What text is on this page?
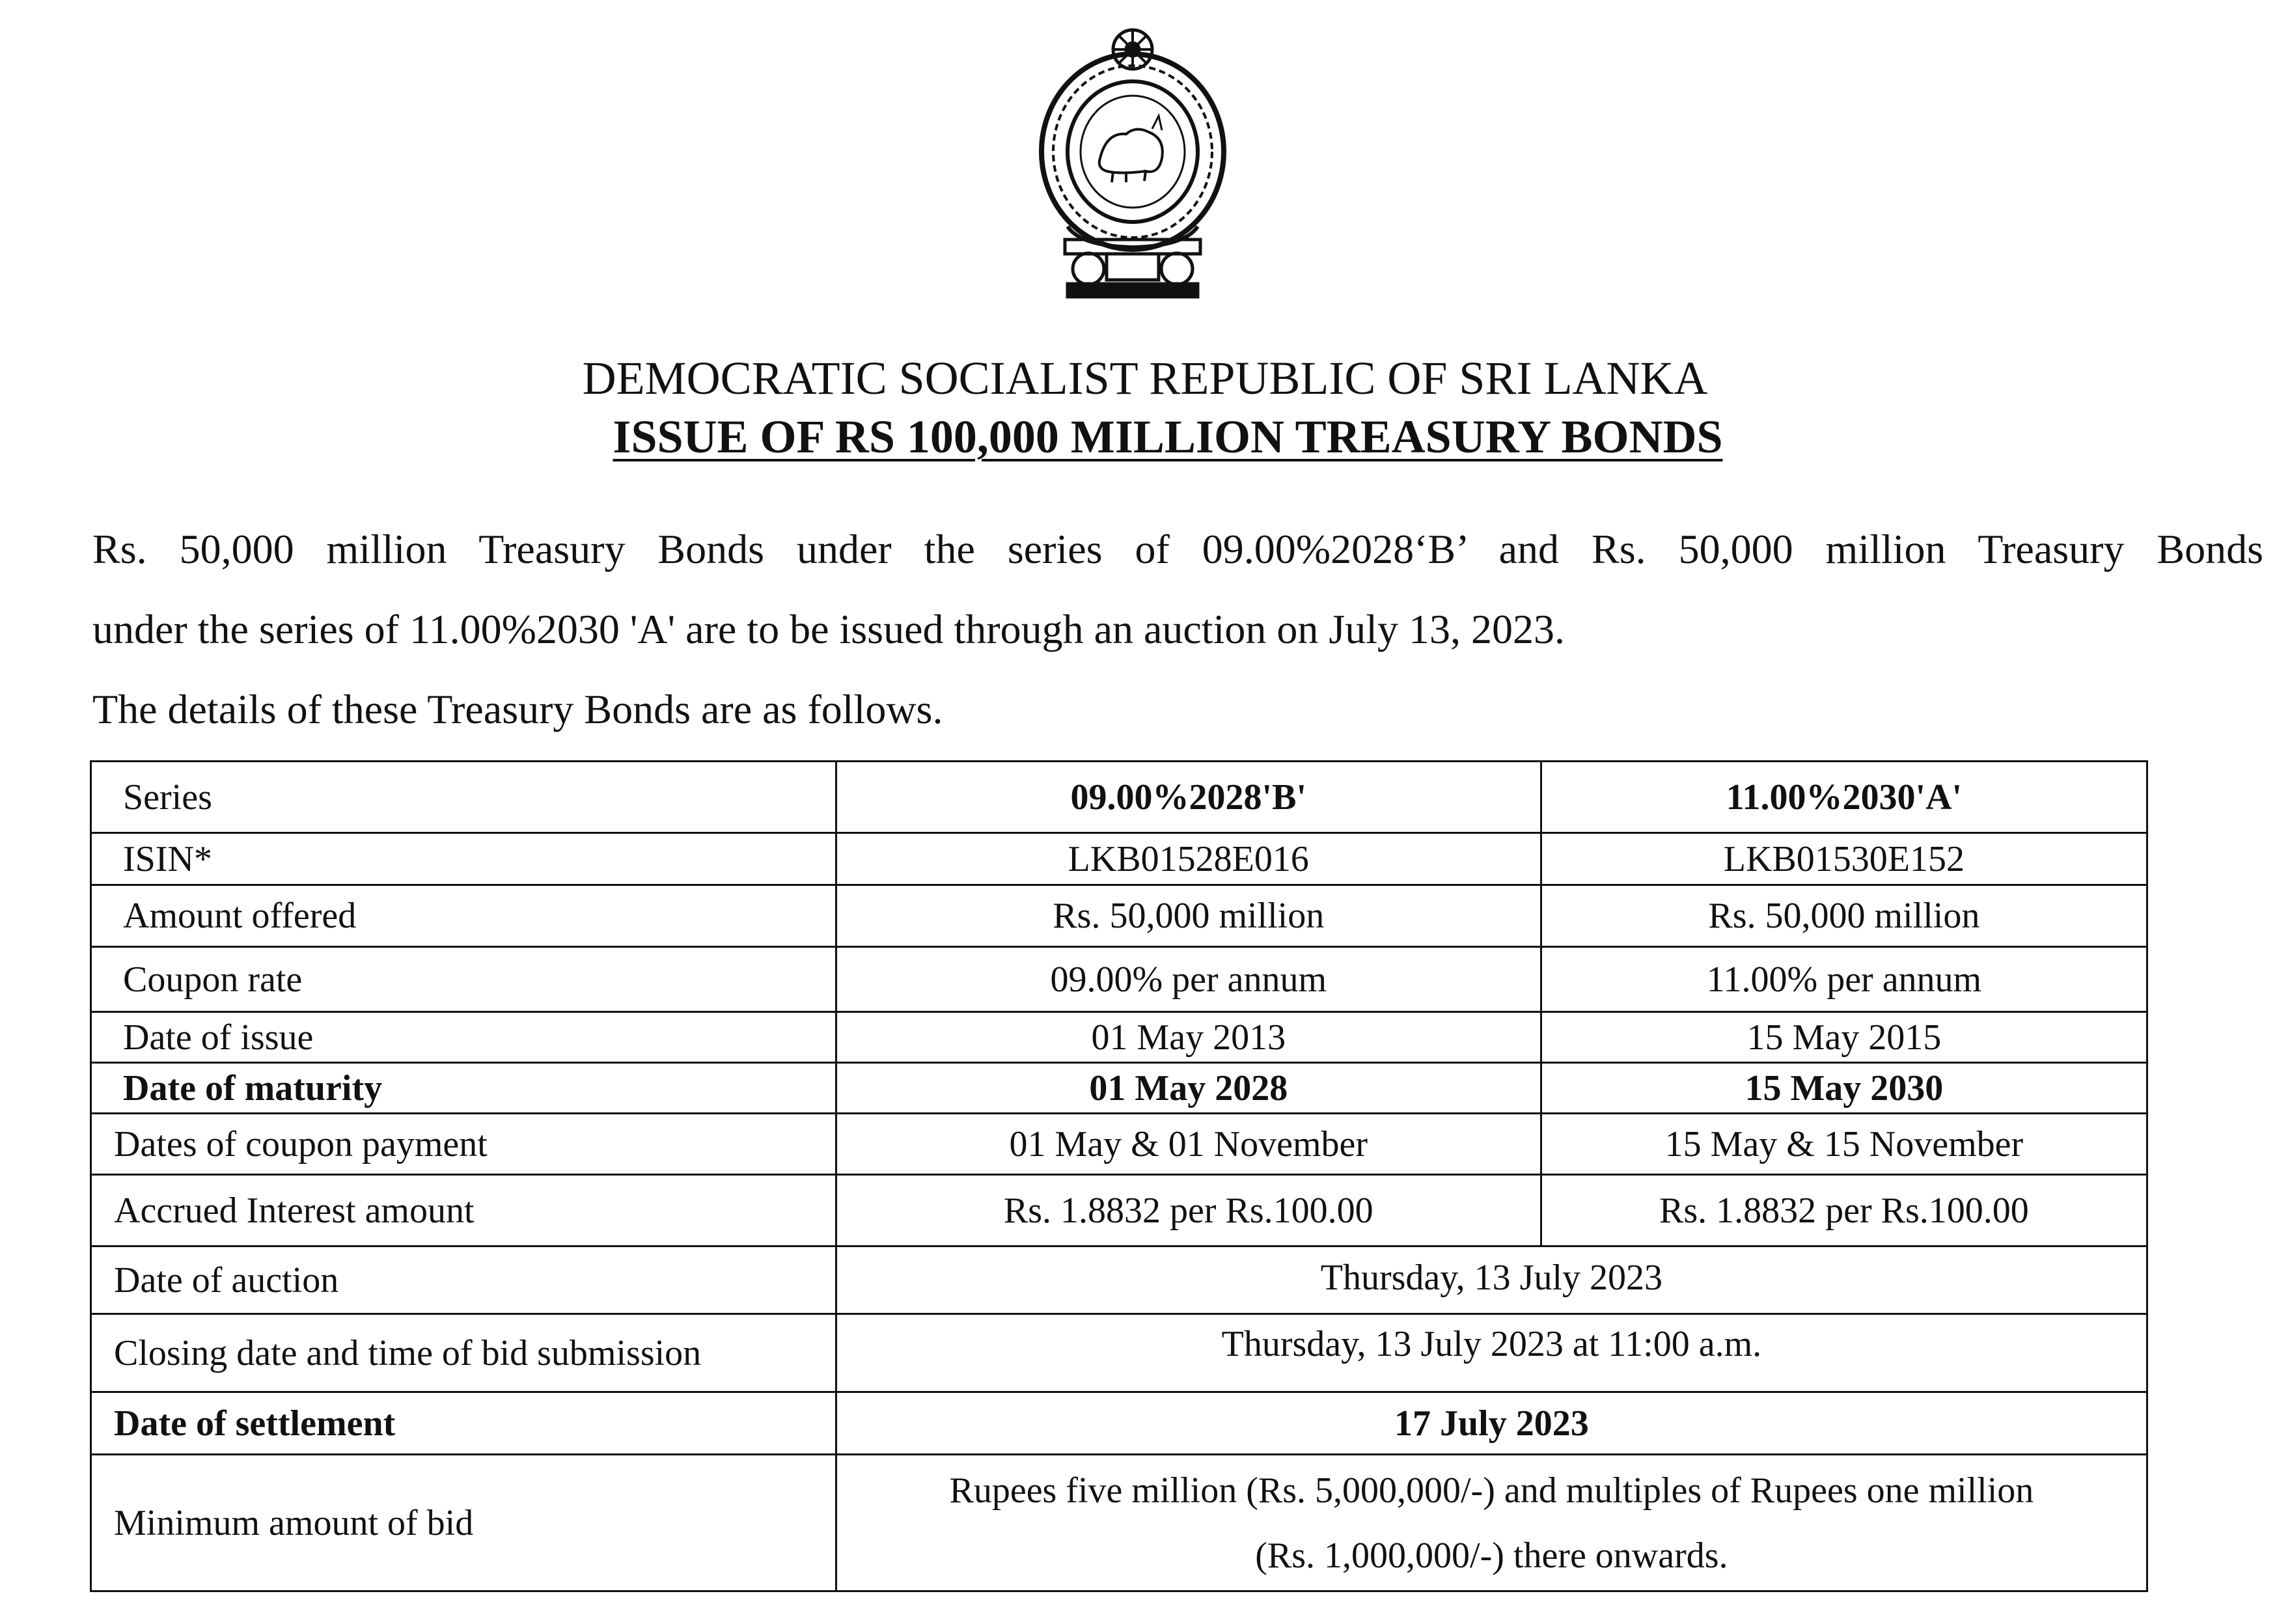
DEMOCRATIC SOCIALIST REPUBLIC OF SRI LANKA
ISSUE OF RS 100,000 MILLION TREASURY BONDS

Rs. 50,000 million Treasury Bonds under the series of 09.00%2028‘B’ and Rs. 50,000 million Treasury Bonds

under the series of 11.00%2030 'A' are to be issued through an auction on July 13, 2023.

The details of these Treasury Bonds are as follows.

Series	09.00%2028'B'	11.00%2030'A'
ISIN*	LKB01528E016	LKB01530E152
Amount offered	Rs. 50,000 million	Rs. 50,000 million
Coupon rate	09.00% per annum	11.00% per annum
Date of issue	01 May 2013	15 May 2015
Date of maturity	01 May 2028	15 May 2030
Dates of coupon payment	01 May & 01 November	15 May & 15 November
Accrued Interest amount	Rs. 1.8832 per Rs.100.00	Rs. 1.8832 per Rs.100.00
Date of auction	Thursday, 13 July 2023	
Closing date and time of bid submission	Thursday, 13 July 2023 at 11:00 a.m.	
Date of settlement	17 July 2023	
Minimum amount of bid	Rupees five million (Rs. 5,000,000/-) and multiples of Rupees one million
(Rs. 1,000,000/-) there onwards.	
